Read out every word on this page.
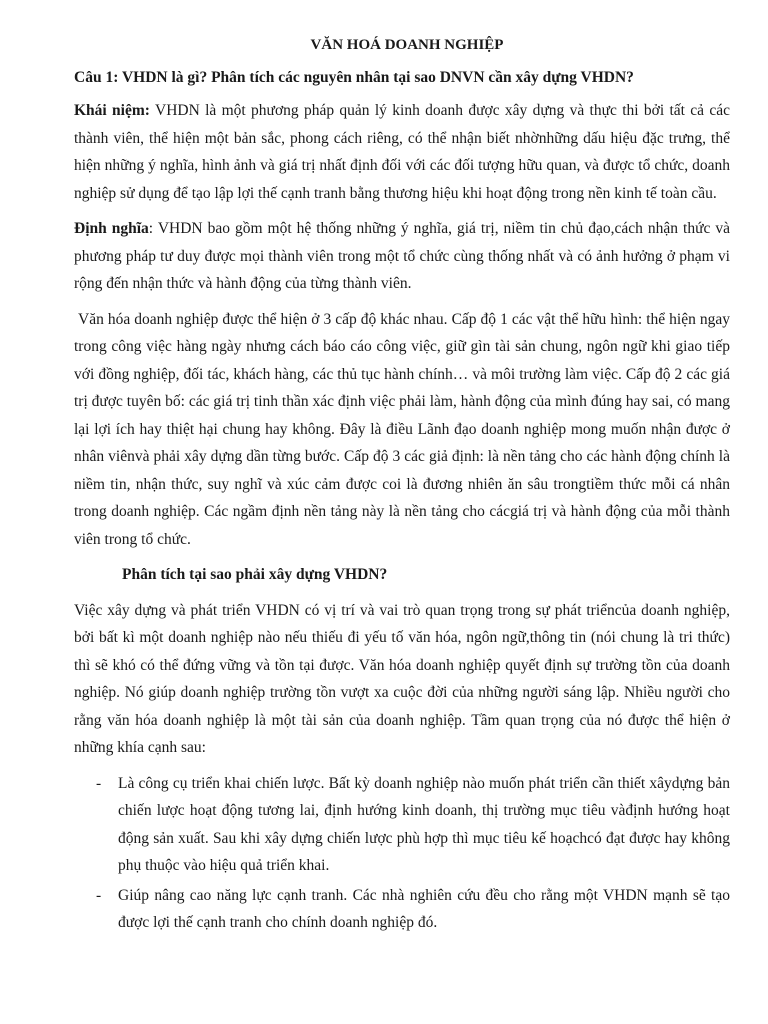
VĂN HOÁ DOANH NGHIỆP
Câu 1: VHDN là gì? Phân tích các nguyên nhân tại sao DNVN cần xây dựng VHDN?

Khái niệm: VHDN là một phương pháp quản lý kinh doanh được xây dựng và thực thi bởi tất cả các thành viên, thể hiện một bản sắc, phong cách riêng, có thể nhận biết nhờnhững dấu hiệu đặc trưng, thể hiện những ý nghĩa, hình ảnh và giá trị nhất định đối với các đối tượng hữu quan, và được tổ chức, doanh nghiệp sử dụng để tạo lập lợi thế cạnh tranh bằng thương hiệu khi hoạt động trong nền kinh tế toàn cầu.

Định nghĩa: VHDN bao gồm một hệ thống những ý nghĩa, giá trị, niềm tin chủ đạo,cách nhận thức và phương pháp tư duy được mọi thành viên trong một tổ chức cùng thống nhất và có ảnh hưởng ở phạm vi rộng đến nhận thức và hành động của từng thành viên.

Văn hóa doanh nghiệp được thể hiện ở 3 cấp độ khác nhau. Cấp độ 1 các vật thể hữu hình: thể hiện ngay trong công việc hàng ngày nhưng cách báo cáo công việc, giữ gìn tài sản chung, ngôn ngữ khi giao tiếp với đồng nghiệp, đối tác, khách hàng, các thủ tục hành chính… và môi trường làm việc. Cấp độ 2 các giá trị được tuyên bố: các giá trị tinh thần xác định việc phải làm, hành động của mình đúng hay sai, có mang lại lợi ích hay thiệt hại chung hay không. Đây là điều Lãnh đạo doanh nghiệp mong muốn nhận được ở nhân viênvà phải xây dựng dần từng bước. Cấp độ 3 các giả định: là nền tảng cho các hành động chính là niềm tin, nhận thức, suy nghĩ và xúc cảm được coi là đương nhiên ăn sâu trongtiềm thức mỗi cá nhân trong doanh nghiệp. Các ngầm định nền tảng này là nền tảng cho cácgiá trị và hành động của mỗi thành viên trong tổ chức.

Phân tích tại sao phải xây dựng VHDN?

Việc xây dựng và phát triển VHDN có vị trí và vai trò quan trọng trong sự phát triểncủa doanh nghiệp, bởi bất kì một doanh nghiệp nào nếu thiếu đi yếu tố văn hóa, ngôn ngữ,thông tin (nói chung là tri thức) thì sẽ khó có thể đứng vững và tồn tại được. Văn hóa doanh nghiệp quyết định sự trường tồn của doanh nghiệp. Nó giúp doanh nghiệp trường tồn vượt xa cuộc đời của những người sáng lập. Nhiều người cho rằng văn hóa doanh nghiệp là một tài sản của doanh nghiệp. Tầm quan trọng của nó được thể hiện ở những khía cạnh sau:

- Là công cụ triển khai chiến lược. Bất kỳ doanh nghiệp nào muốn phát triển cần thiết xâydựng bản chiến lược hoạt động tương lai, định hướng kinh doanh, thị trường mục tiêu vàđịnh hướng hoạt động sản xuất. Sau khi xây dựng chiến lược phù hợp thì mục tiêu kế hoạchcó đạt được hay không phụ thuộc vào hiệu quả triển khai.
- Giúp nâng cao năng lực cạnh tranh. Các nhà nghiên cứu đều cho rằng một VHDN mạnh sẽ tạo được lợi thế cạnh tranh cho chính doanh nghiệp đó.
